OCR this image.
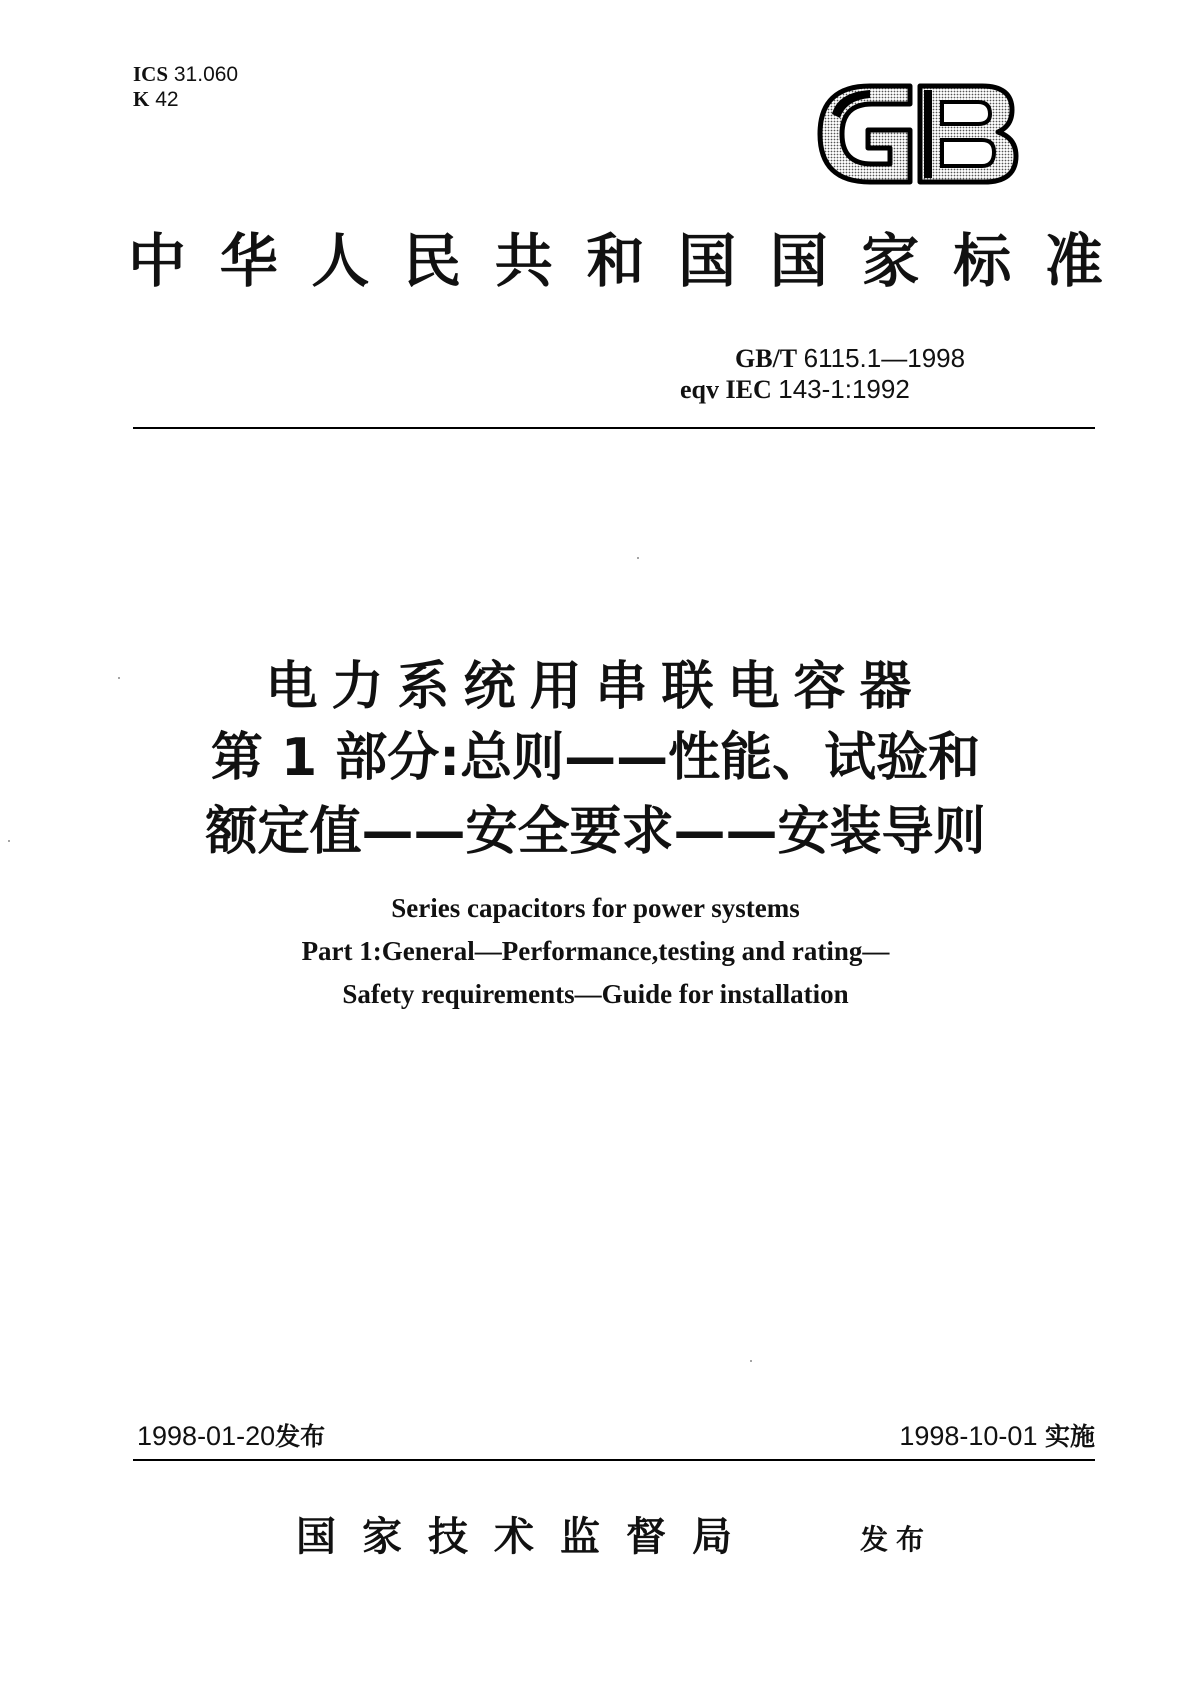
ICS 31.060
K 42
中 华 人 民 共 和 国 国 家 标 准
GB/T 6115.1—1998
eqv IEC 143-1:1992
电力系统用串联电容器
第 1 部分:总则——性能、试验和
额定值——安全要求——安装导则
Series capacitors for power systems
Part 1:General—Performance,testing and rating—
Safety requirements—Guide for installation
1998-01-20发布	1998-10-01 实施
国家技术监督局	发布
